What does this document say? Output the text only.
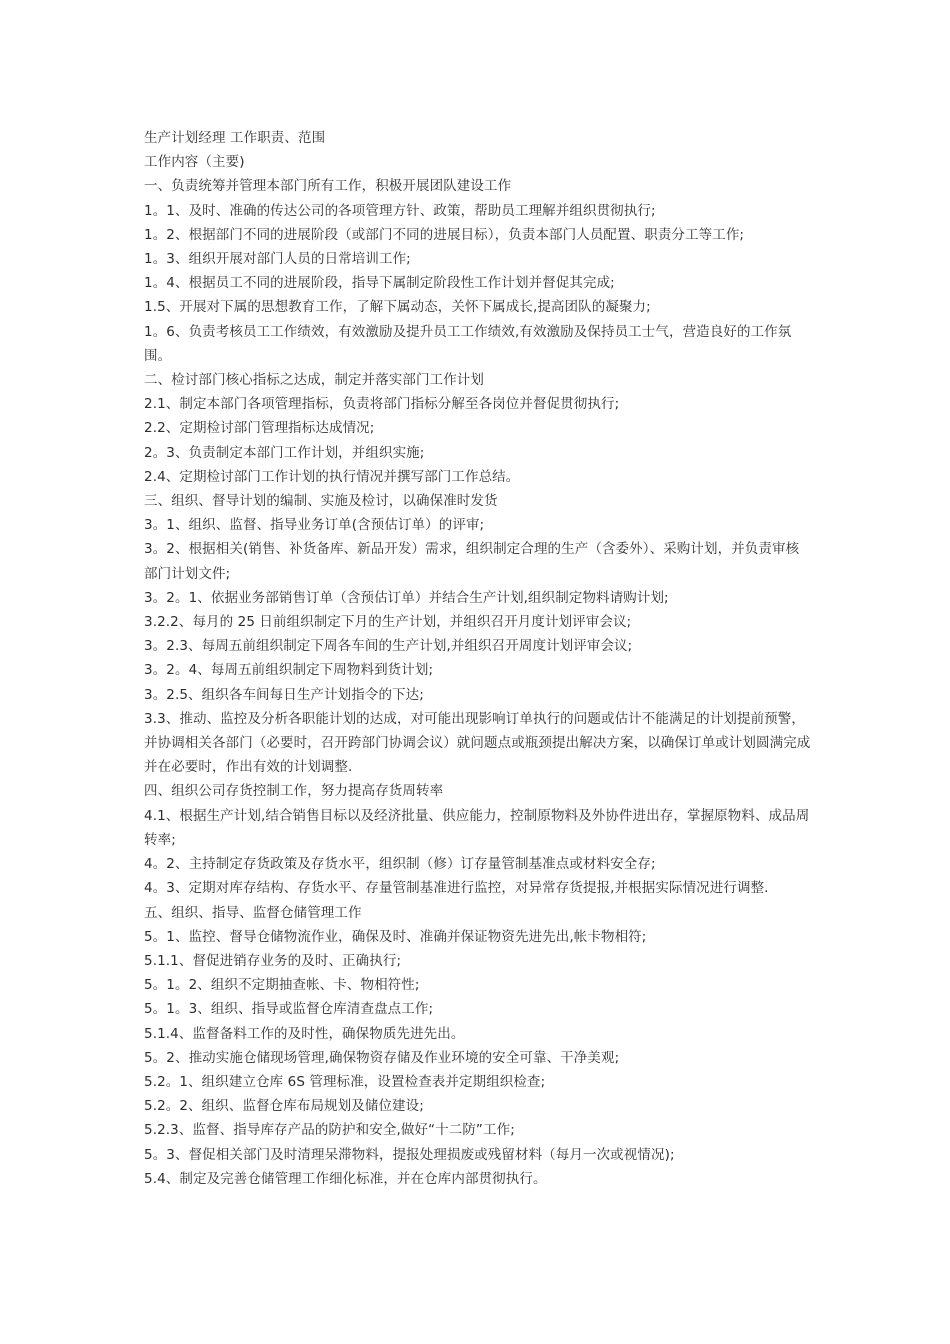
生产计划经理 工作职责、范围

工作内容（主要)

一、负责统筹并管理本部门所有工作，积极开展团队建设工作

1。1、及时、准确的传达公司的各项管理方针、政策，帮助员工理解并组织贯彻执行;

1。2、根据部门不同的进展阶段（或部门不同的进展目标），负责本部门人员配置、职责分工等工作;

1。3、组织开展对部门人员的日常培训工作;

1。4、根据员工不同的进展阶段，指导下属制定阶段性工作计划并督促其完成;

1.5、开展对下属的思想教育工作，了解下属动态，关怀下属成长,提高团队的凝聚力;

1。6、负责考核员工工作绩效，有效激励及提升员工工作绩效,有效激励及保持员工士气，营造良好的工作氛围。

二、检讨部门核心指标之达成，制定并落实部门工作计划

2.1、制定本部门各项管理指标，负责将部门指标分解至各岗位并督促贯彻执行;

2.2、定期检讨部门管理指标达成情况;

2。3、负责制定本部门工作计划，并组织实施;

2.4、定期检讨部门工作计划的执行情况并撰写部门工作总结。

三、组织、督导计划的编制、实施及检讨，以确保准时发货

3。1、组织、监督、指导业务订单(含预估订单）的评审;

3。2、根据相关(销售、补货备库、新品开发）需求，组织制定合理的生产（含委外）、采购计划，并负责审核部门计划文件;

3。2。1、依据业务部销售订单（含预估订单）并结合生产计划,组织制定物料请购计划;

3.2.2、每月的 25 日前组织制定下月的生产计划，并组织召开月度计划评审会议;

3。2.3、每周五前组织制定下周各车间的生产计划,并组织召开周度计划评审会议;

3。2。4、每周五前组织制定下周物料到货计划;

3。2.5、组织各车间每日生产计划指令的下达;

3.3、推动、监控及分析各职能计划的达成，对可能出现影响订单执行的问题或估计不能满足的计划提前预警，并协调相关各部门（必要时，召开跨部门协调会议）就问题点或瓶颈提出解决方案，以确保订单或计划圆满完成并在必要时，作出有效的计划调整.

四、组织公司存货控制工作，努力提高存货周转率

4.1、根据生产计划,结合销售目标以及经济批量、供应能力，控制原物料及外协件进出存，掌握原物料、成品周转率;

4。2、主持制定存货政策及存货水平，组织制（修）订存量管制基准点或材料安全存;

4。3、定期对库存结构、存货水平、存量管制基准进行监控，对异常存货提报,并根据实际情况进行调整.

五、组织、指导、监督仓储管理工作

5。1、监控、督导仓储物流作业，确保及时、准确并保证物资先进先出,帐卡物相符;

5.1.1、督促进销存业务的及时、正确执行;

5。1。2、组织不定期抽查帐、卡、物相符性;

5。1。3、组织、指导或监督仓库清查盘点工作;

5.1.4、监督备料工作的及时性，确保物质先进先出。

5。2、推动实施仓储现场管理,确保物资存储及作业环境的安全可靠、干净美观;

5.2。1、组织建立仓库 6S 管理标准，设置检查表并定期组织检查;

5.2。2、组织、监督仓库布局规划及储位建设;

5.2.3、监督、指导库存产品的防护和安全,做好“十二防”工作;

5。3、督促相关部门及时清理呆滞物料，提报处理损废或残留材料（每月一次或视情况);

5.4、制定及完善仓储管理工作细化标准，并在仓库内部贯彻执行。
